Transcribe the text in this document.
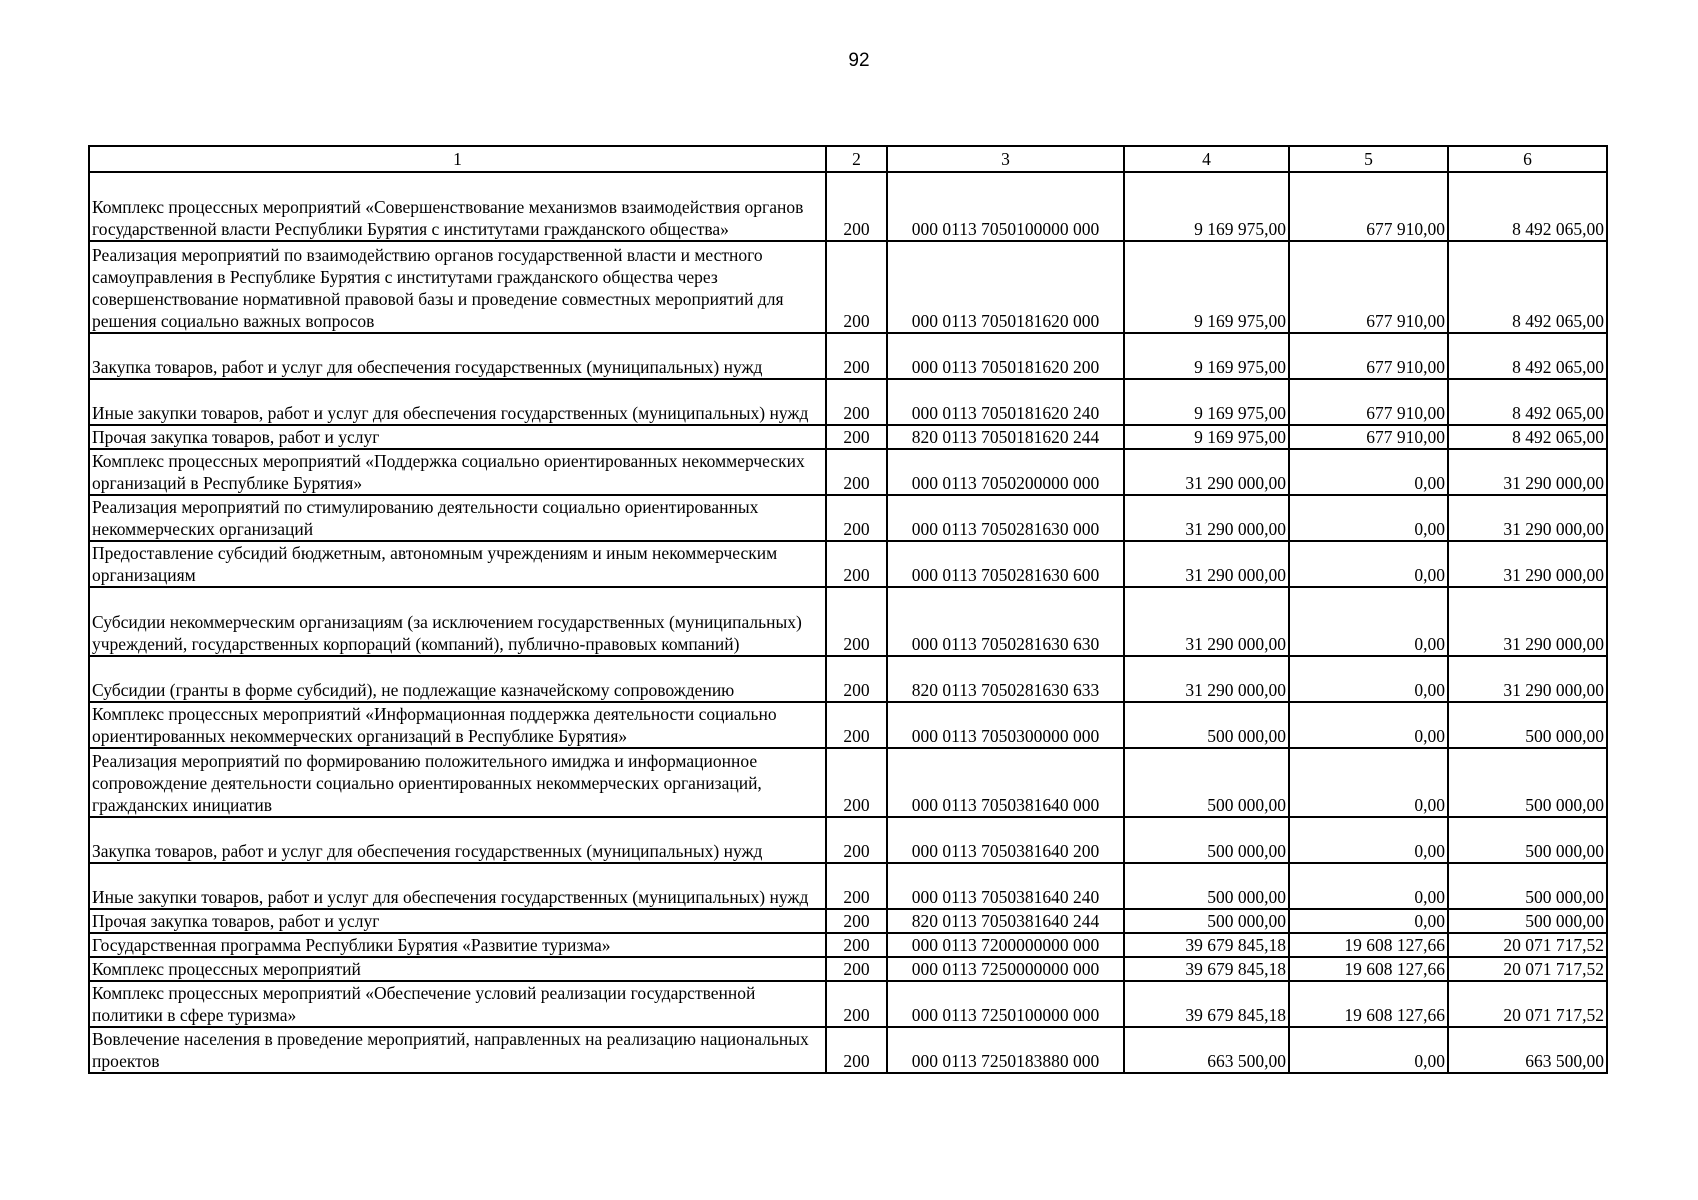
92
1	2	3	4	5	6
Комплекс процессных мероприятий «Совершенствование механизмов взаимодействия органов государственной власти Республики Бурятия с институтами гражданского общества»	200	000 0113 7050100000 000	9 169 975,00	677 910,00	8 492 065,00
Реализация мероприятий по взаимодействию органов государственной власти и местного самоуправления в Республике Бурятия с институтами гражданского общества через совершенствование нормативной правовой базы и проведение совместных мероприятий для решения социально важных вопросов	200	000 0113 7050181620 000	9 169 975,00	677 910,00	8 492 065,00
Закупка товаров, работ и услуг для обеспечения государственных (муниципальных) нужд	200	000 0113 7050181620 200	9 169 975,00	677 910,00	8 492 065,00
Иные закупки товаров, работ и услуг для обеспечения государственных (муниципальных) нужд	200	000 0113 7050181620 240	9 169 975,00	677 910,00	8 492 065,00
Прочая закупка товаров, работ и услуг	200	820 0113 7050181620 244	9 169 975,00	677 910,00	8 492 065,00
Комплекс процессных мероприятий «Поддержка социально ориентированных некоммерческих организаций в Республике Бурятия»	200	000 0113 7050200000 000	31 290 000,00	0,00	31 290 000,00
Реализация мероприятий по стимулированию деятельности социально ориентированных некоммерческих организаций	200	000 0113 7050281630 000	31 290 000,00	0,00	31 290 000,00
Предоставление субсидий бюджетным, автономным учреждениям и иным некоммерческим организациям	200	000 0113 7050281630 600	31 290 000,00	0,00	31 290 000,00
Субсидии некоммерческим организациям (за исключением государственных (муниципальных) учреждений, государственных корпораций (компаний), публично-правовых компаний)	200	000 0113 7050281630 630	31 290 000,00	0,00	31 290 000,00
Субсидии (гранты в форме субсидий), не подлежащие казначейскому сопровождению	200	820 0113 7050281630 633	31 290 000,00	0,00	31 290 000,00
Комплекс процессных мероприятий «Информационная поддержка деятельности социально ориентированных некоммерческих организаций в Республике Бурятия»	200	000 0113 7050300000 000	500 000,00	0,00	500 000,00
Реализация мероприятий по формированию положительного имиджа и информационное сопровождение деятельности социально ориентированных некоммерческих организаций, гражданских инициатив	200	000 0113 7050381640 000	500 000,00	0,00	500 000,00
Закупка товаров, работ и услуг для обеспечения государственных (муниципальных) нужд	200	000 0113 7050381640 200	500 000,00	0,00	500 000,00
Иные закупки товаров, работ и услуг для обеспечения государственных (муниципальных) нужд	200	000 0113 7050381640 240	500 000,00	0,00	500 000,00
Прочая закупка товаров, работ и услуг	200	820 0113 7050381640 244	500 000,00	0,00	500 000,00
Государственная программа Республики Бурятия «Развитие туризма»	200	000 0113 7200000000 000	39 679 845,18	19 608 127,66	20 071 717,52
Комплекс процессных мероприятий	200	000 0113 7250000000 000	39 679 845,18	19 608 127,66	20 071 717,52
Комплекс процессных мероприятий «Обеспечение условий реализации государственной политики в сфере туризма»	200	000 0113 7250100000 000	39 679 845,18	19 608 127,66	20 071 717,52
Вовлечение населения в проведение мероприятий, направленных на реализацию национальных проектов	200	000 0113 7250183880 000	663 500,00	0,00	663 500,00
